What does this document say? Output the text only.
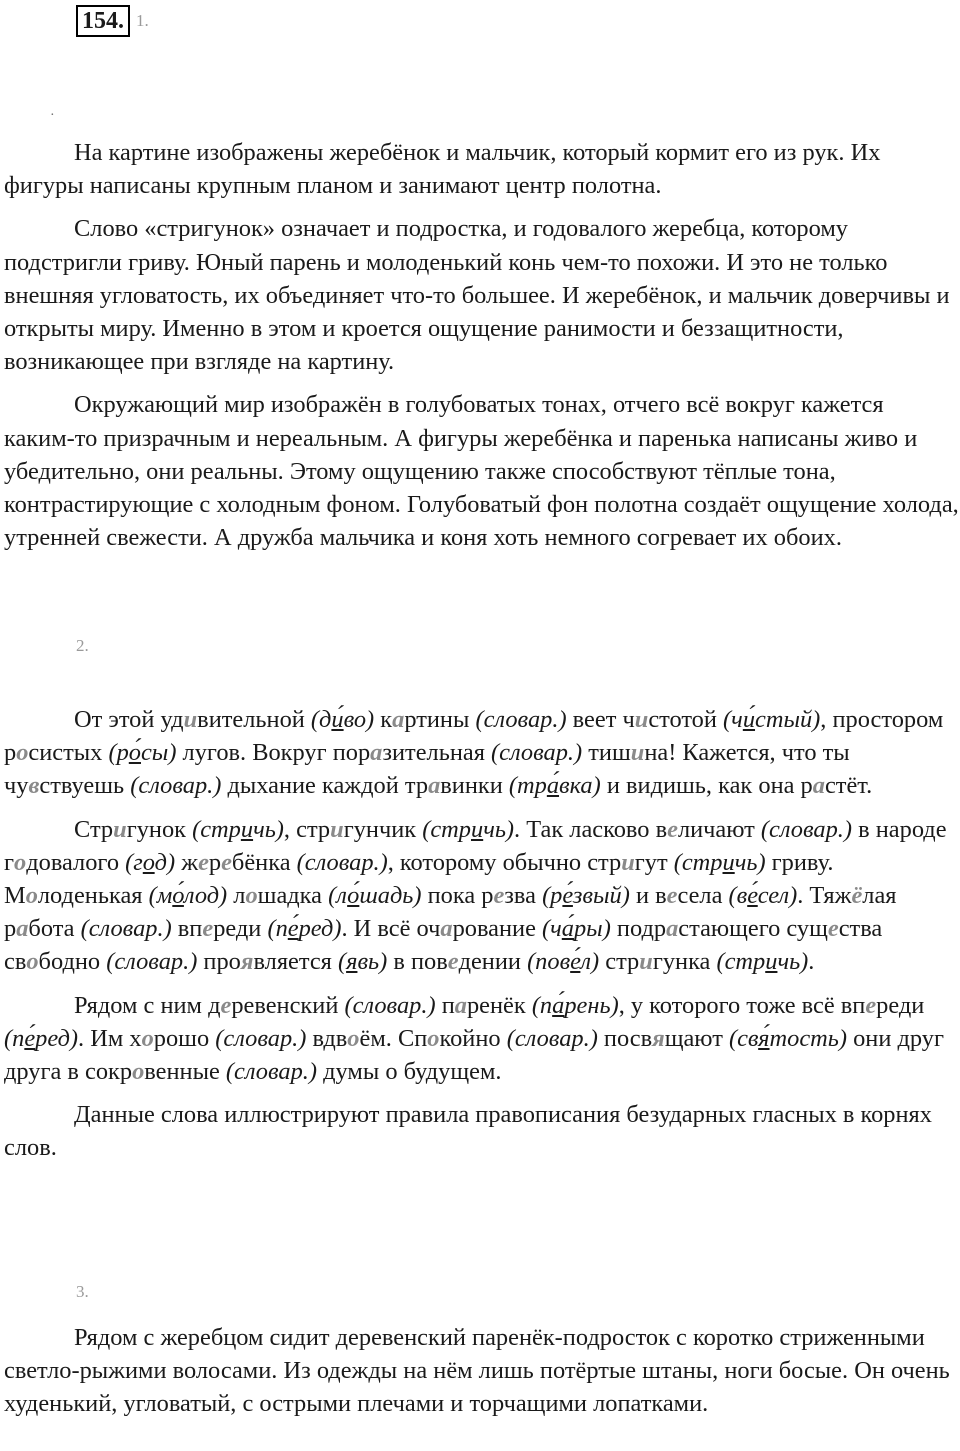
154. 1.
·

На картине изображены жеребёнок и мальчик, который кормит его из рук. Их фигуры написаны крупным планом и занимают центр полотна.

Слово «стригунок» означает и подростка, и годовалого жеребца, которому подстригли гриву. Юный парень и молоденький конь чем-то похожи. И это не только внешняя угловатость, их объединяет что-то большее. И жеребёнок, и мальчик доверчивы и открыты миру. Именно в этом и кроется ощущение ранимости и беззащитности, возникающее при взгляде на картину.

Окружающий мир изображён в голубоватых тонах, отчего всё вокруг кажется каким-то призрачным и нереальным. А фигуры жеребёнка и паренька написаны живо и убедительно, они реальны. Этому ощущению также способствуют тёплые тона, контрастирующие с холодным фоном. Голубоватый фон полотна создаёт ощущение холода, утренней свежести. А дружба мальчика и коня хоть немного согревает их обоих.

2.

От этой удивительной (ди́во) картины (словар.) веет чистотой (чи́стый), простором росистых (ро́сы) лугов. Вокруг поразительная (словар.) тишина! Кажется, что ты чувствуешь (словар.) дыхание каждой травинки (тра́вка) и видишь, как она растёт.

Стригунок (стричь), стригунчик (стричь). Так ласково величают (словар.) в народе годовалого (год) жеребёнка (словар.), которому обычно стригут (стричь) гриву. Молоденькая (мо́лод) лошадка (ло́шадь) пока резва (ре́звый) и весела (ве́сел). Тяжёлая работа (словар.) впереди (пе́ред). И всё очарование (ча́ры) подрастающего существа свободно (словар.) проявляется (явь) в поведении (пове́л) стригунка (стричь).

Рядом с ним деревенский (словар.) паренёк (па́рень), у которого тоже всё впереди (пе́ред). Им хорошо (словар.) вдвоём. Спокойно (словар.) посвящают (свя́тость) они друг друга в сокровенные (словар.) думы о будущем.

Данные слова иллюстрируют правила правописания безударных гласных в корнях слов.

3.

Рядом с жеребцом сидит деревенский паренёк-подросток с коротко стриженными светло-рыжими волосами. Из одежды на нём лишь потёртые штаны, ноги босые. Он очень худенький, угловатый, с острыми плечами и торчащими лопатками.
